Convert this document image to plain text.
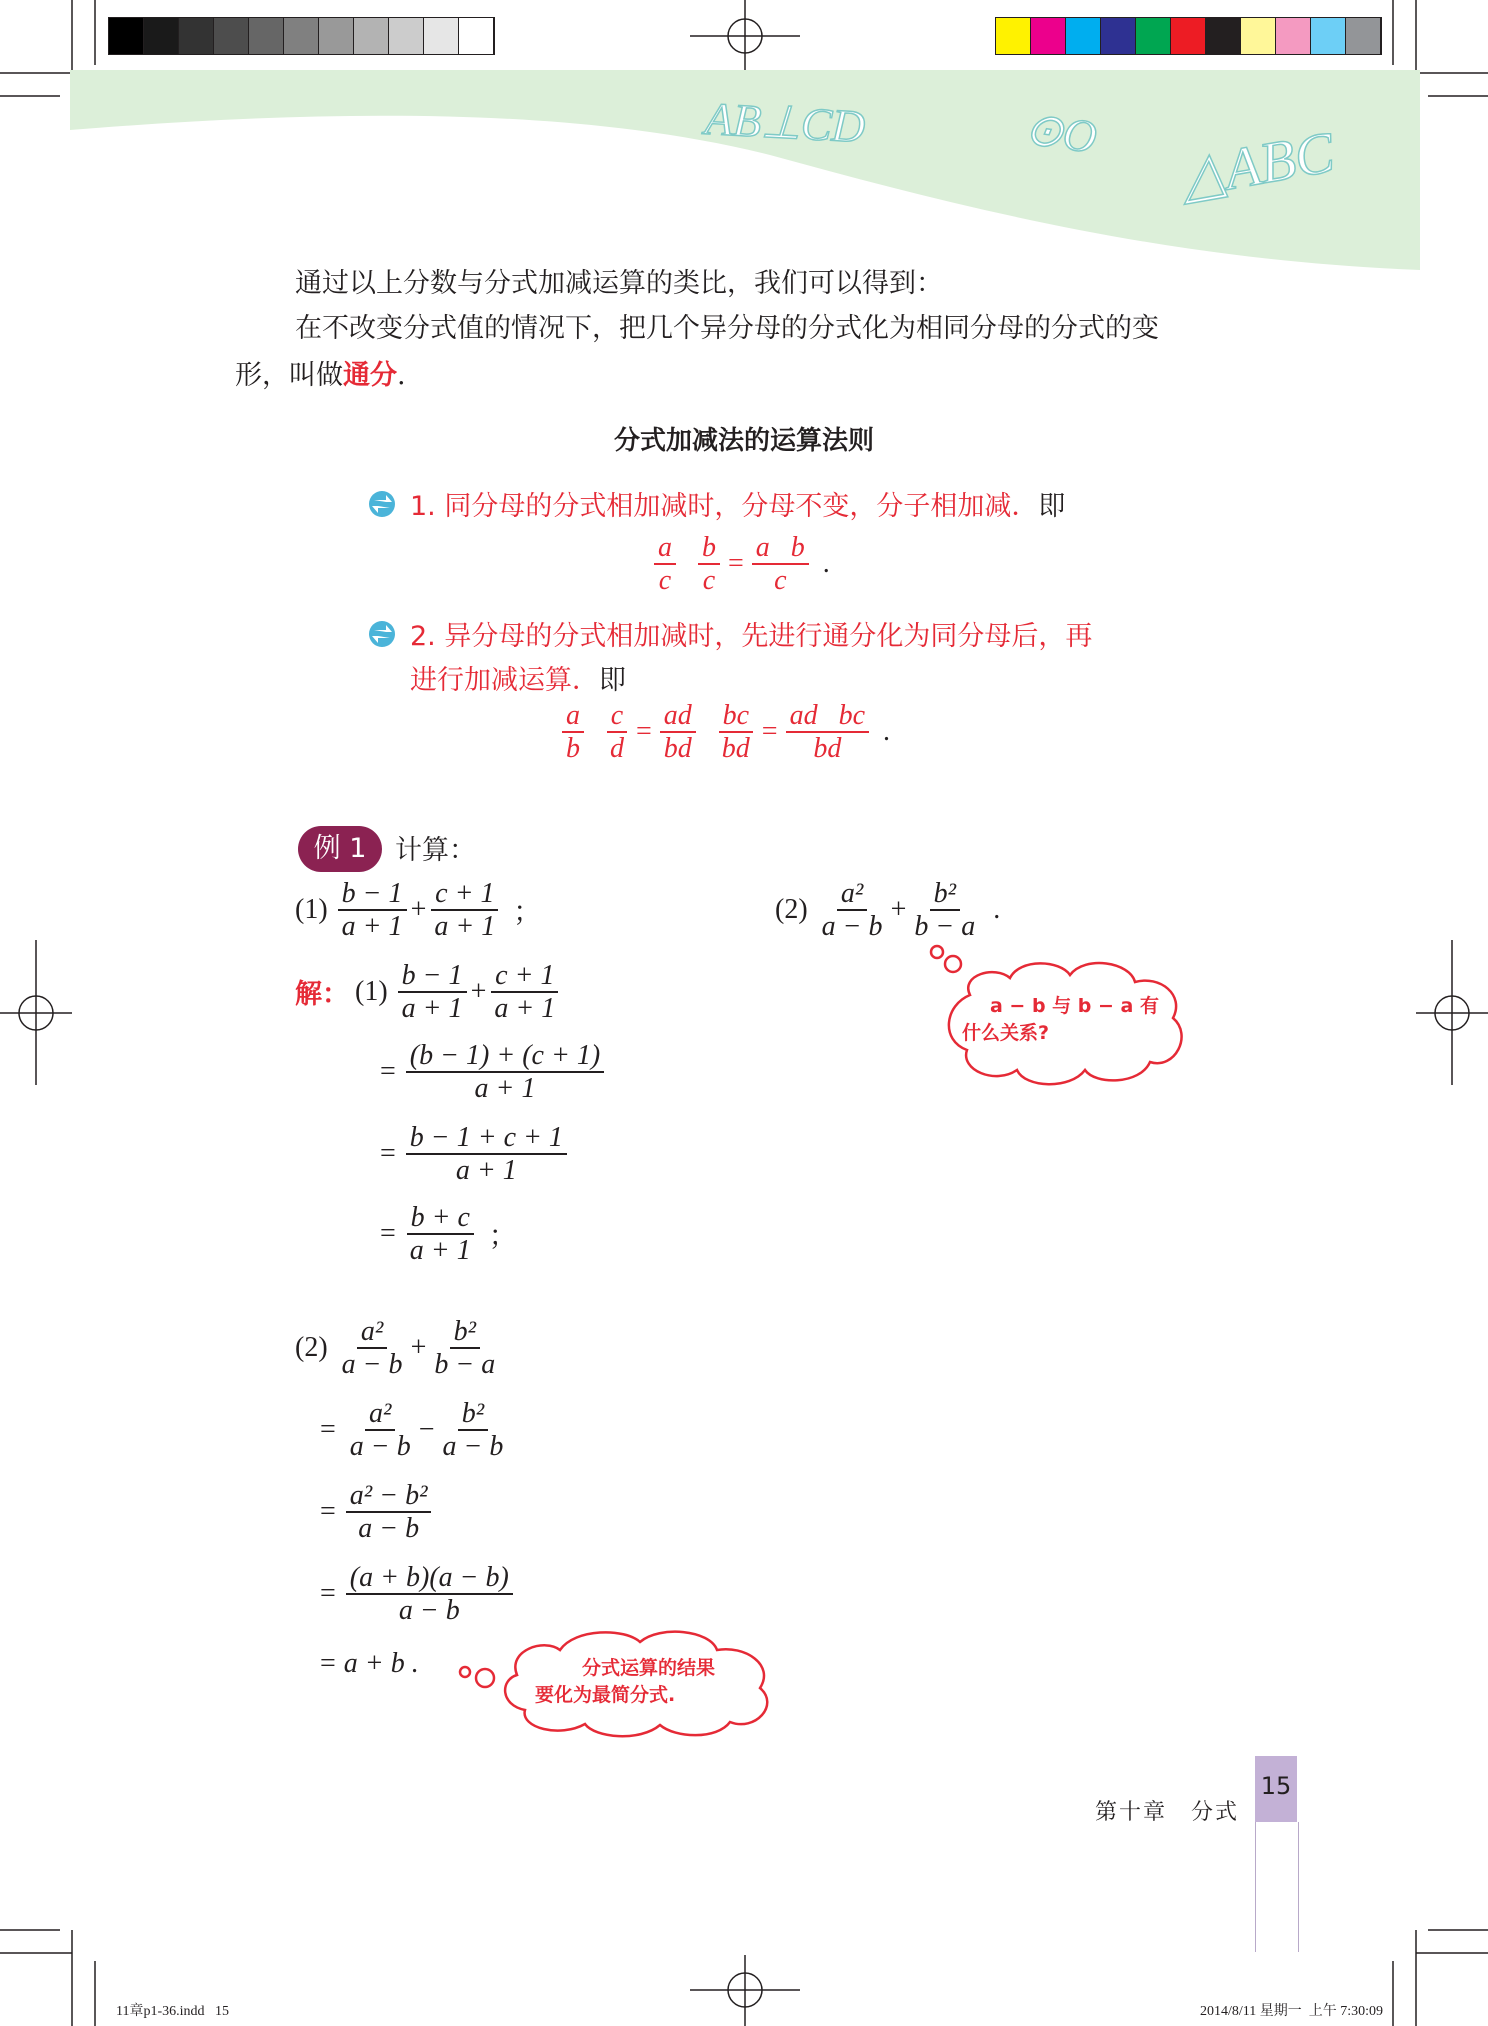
AB⊥CD	⊙O △ABC
通过以上分数与分式加减运算的类比，我们可以得到：
在不改变分式值的情况下，把几个异分母的分式化为相同分母的分式的变
形，叫做通分.
分式加减法的运算法则
1. 同分母的分式相加减时，分母不变，分子相加减．即
$\frac{a}{c} \frac{b}{c} = \frac{\text{a   b}}{c}$ .
2. 异分母的分式相加减时，先进行通分化为同分母后，再
进行加减运算．即
$\frac{a}{b} \frac{c}{d} = \frac{ad}{bd} \frac{bc}{bd} = \frac{\text{ad   bc}}{bd}$ .
例 1	计算：
$(1) \frac{b - 1}{a + 1} + \frac{c + 1}{a + 1}$ ；	$(2) \frac{\text{a²}}{a - b} + \frac{\text{b²}}{b - a}$ .
解： $(1) \frac{b - 1}{a + 1} + \frac{c + 1}{a + 1}$
= $\frac{(b - 1) + (c + 1)}{a + 1}$
= $\frac{b - 1 + c + 1}{a + 1}$
= $\frac{b + c}{a + 1}$ ；
$(2) \frac{\text{a²}}{a - b} + \frac{\text{b²}}{b - a}$
= $\frac{\text{a²}}{a - b} - \frac{\text{b²}}{a - b}$
= $\frac{\text{a² − b²}}{a - b}$
= $\frac{(a + b)(a - b)}{a - b}$
= a + b .
a − b 与 b − a 有
什么关系?
分式运算的结果
要化为最简分式.
第十章　分式
15
11章p1-36.indd   15	2014/8/11 星期一  上午 7:30:09
